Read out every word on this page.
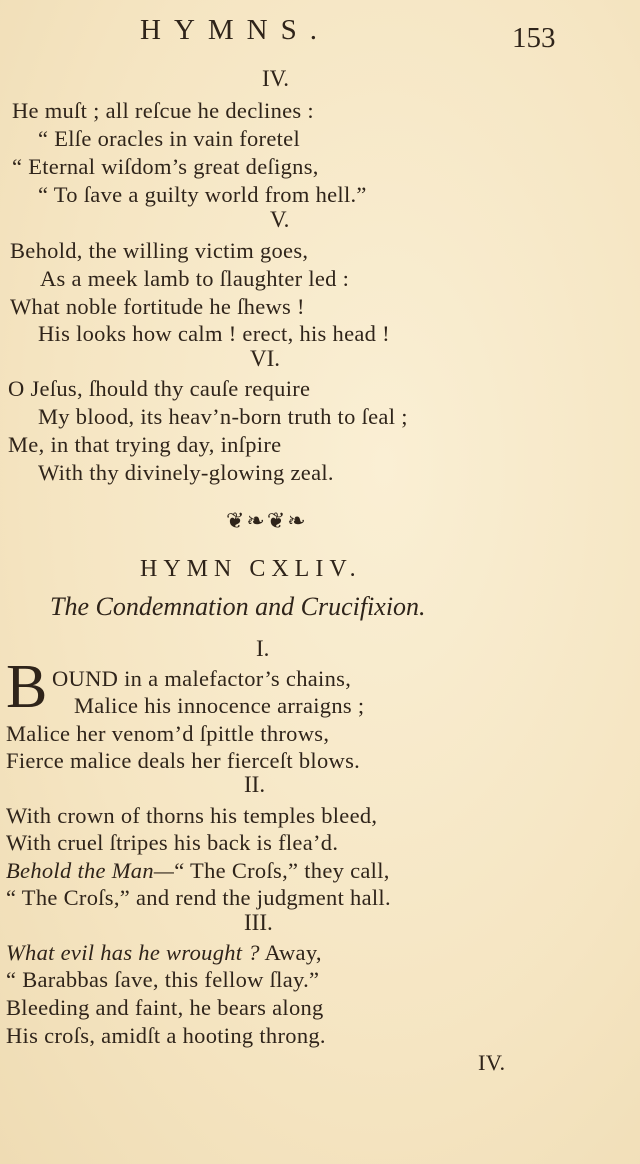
HYMNS.	153
IV.
He muſt ; all reſcue he declines :
“ Elſe oracles in vain foretel
“ Eternal wiſdom’s great deſigns,
“ To ſave a guilty world from hell.”
V.
Behold, the willing victim goes,
As a meek lamb to ſlaughter led :
What noble fortitude he ſhews !
His looks how calm ! erect, his head !
VI.
O Jeſus, ſhould thy cauſe require
My blood, its heav’n-born truth to ſeal ;
Me, in that trying day, inſpire
With thy divinely-glowing zeal.
❦❧❦❧
HYMN CXLIV.
The Condemnation and Crucifixion.
I.
B OUND in a malefactor’s chains,
Malice his innocence arraigns ;
Malice her venom’d ſpittle throws,
Fierce malice deals her fierceſt blows.
II.
With crown of thorns his temples bleed,
With cruel ſtripes his back is flea’d.
Behold the Man—“ The Croſs,” they call,
“ The Croſs,” and rend the judgment hall.
III.
What evil has he wrought ? Away,
“ Barabbas ſave, this fellow ſlay.”
Bleeding and faint, he bears along
His croſs, amidſt a hooting throng.
IV.
